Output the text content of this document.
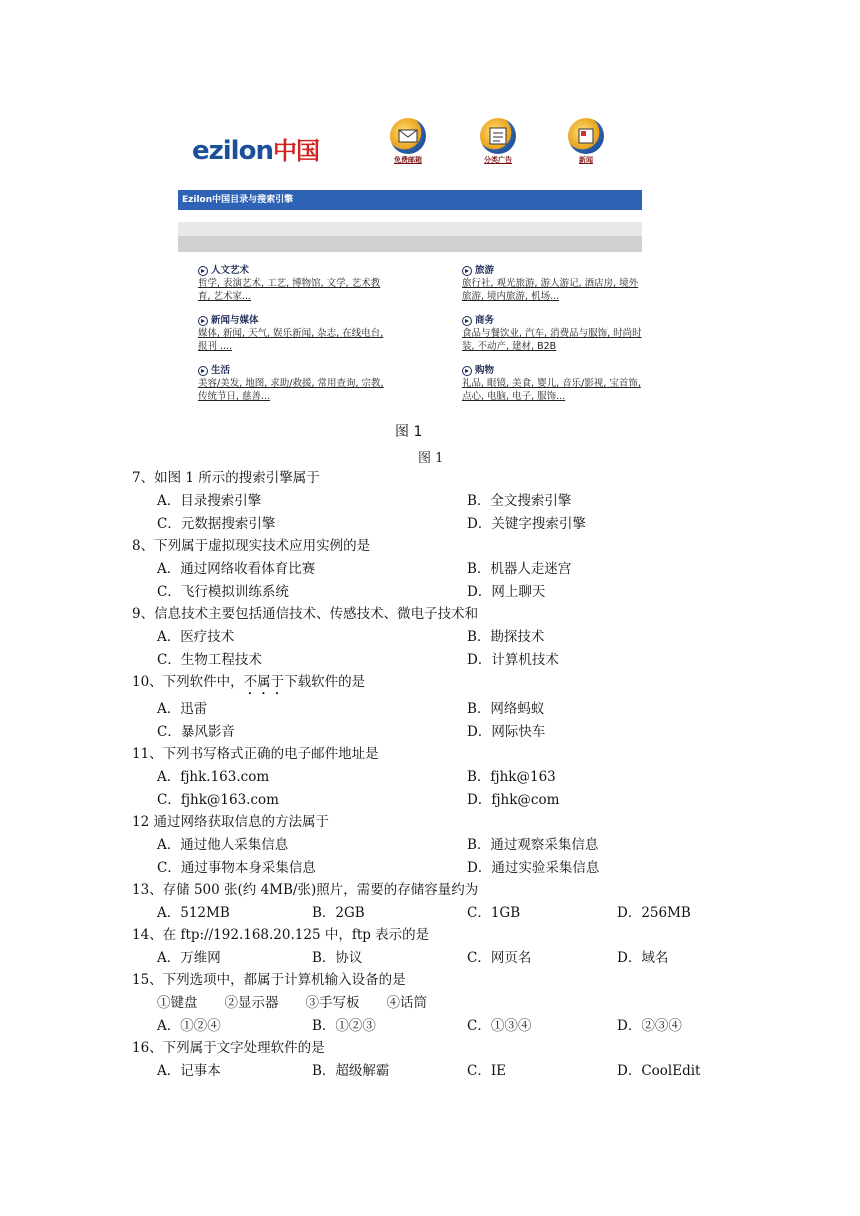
ezilon中国	免费邮箱	分类广告	新闻
Ezilon中国目录与搜索引擎
人文艺术
哲学, 表演艺术, 工艺, 博物馆, 文学, 艺术教育, 艺术家...
旅游
旅行社, 观光旅游, 游人游记, 酒店房, 境外旅游, 境内旅游, 机场...
新闻与媒体
媒体, 新闻, 天气, 娱乐新闻, 杂志, 在线电台, 报刊 ....
商务
食品与餐饮业, 汽车, 消费品与服饰, 时尚时装, 不动产, 建材, B2B
生活
美容/美发, 地图, 求助/救援, 常用查询, 宗教, 传统节日, 慈善...
购物
礼品, 眼镜, 美食, 婴儿, 音乐/影视, 宝首饰, 点心, 电脑, 电子, 服饰...
图 1
图 1
7、如图 1 所示的搜索引擎属于
A．目录搜索引擎	B．全文搜索引擎
C．元数据搜索引擎	D．关键字搜索引擎
8、下列属于虚拟现实技术应用实例的是
A．通过网络收看体育比赛	B．机器人走迷宫
C．飞行模拟训练系统	D．网上聊天
9、信息技术主要包括通信技术、传感技术、微电子技术和
A．医疗技术	B．勘探技术
C．生物工程技术	D．计算机技术
10、下列软件中，不属于下载软件的是
A．迅雷	B．网络蚂蚁
C．暴风影音	D．网际快车
11、下列书写格式正确的电子邮件地址是
A．fjhk.163.com	B．fjhk@163
C．fjhk@163.com	D．fjhk@com
12 通过网络获取信息的方法属于
A．通过他人采集信息	B．通过观察采集信息
C．通过事物本身采集信息	D．通过实验采集信息
13、存储 500 张(约 4MB/张)照片，需要的存储容量约为
A．512MB	B．2GB	C．1GB	D．256MB
14、在 ftp://192.168.20.125 中，ftp 表示的是
A．万维网	B．协议	C．网页名	D．域名
15、下列选项中，都属于计算机输入设备的是
①键盘　　②显示器　　③手写板　　④话筒
A．①②④	B．①②③	C．①③④	D．②③④
16、下列属于文字处理软件的是
A．记事本	B．超级解霸	C．IE	D．CoolEdit
